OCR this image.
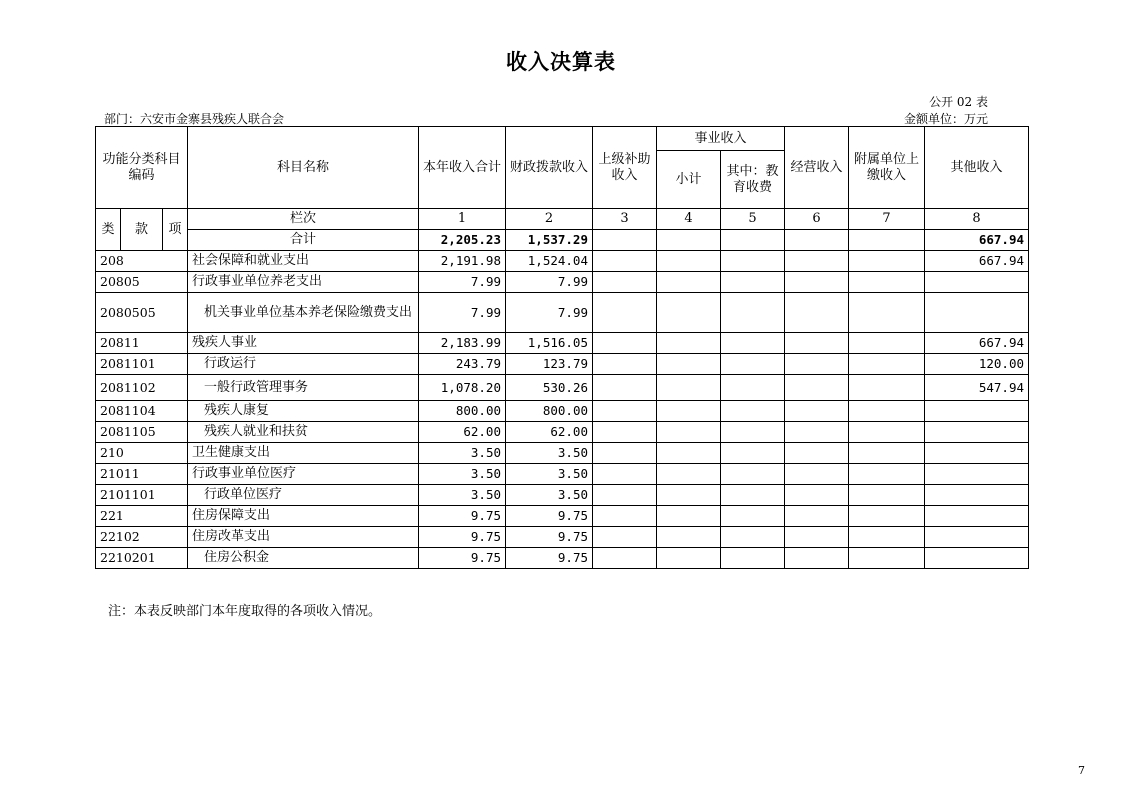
收入决算表
公开 02 表
部门：六安市金寨县残疾人联合会	金额单位：万元
功能分类科目编码			科目名称	本年收入合计	财政拨款收入	上级补助收入	事业收入		经营收入	附属单位上缴收入	其他收入
							小计	其中：教育收费			

类	款	项	栏次	1	2	3	4	5	6	7	8
			合计	2,205.23	1,537.29						667.94
208			社会保障和就业支出	2,191.98	1,524.04						667.94
20805			行政事业单位养老支出	7.99	7.99						
2080505			机关事业单位基本养老保险缴费支出	7.99	7.99						
20811			残疾人事业	2,183.99	1,516.05						667.94
2081101			行政运行	243.79	123.79						120.00
2081102			一般行政管理事务	1,078.20	530.26						547.94
2081104			残疾人康复	800.00	800.00						
2081105			残疾人就业和扶贫	62.00	62.00						
210			卫生健康支出	3.50	3.50						
21011			行政事业单位医疗	3.50	3.50						
2101101			行政单位医疗	3.50	3.50						
221			住房保障支出	9.75	9.75						
22102			住房改革支出	9.75	9.75						
2210201			住房公积金	9.75	9.75						
注：本表反映部门本年度取得的各项收入情况。
7
